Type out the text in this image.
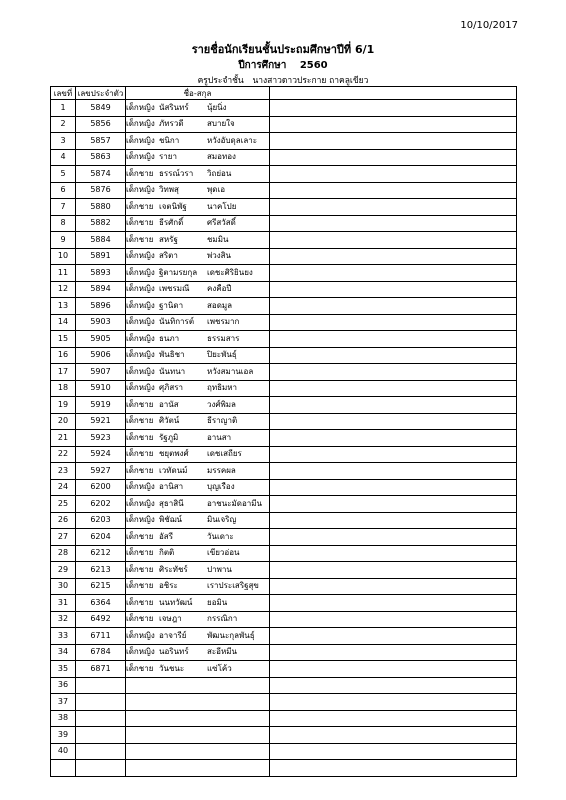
10/10/2017
รายชื่อนักเรียนชั้นประถมศึกษาปีที่ 6/1
ปีการศึกษา 2560
ครูประจำชั้น นางสาวดาวประกาย ถาคลูเขียว
เลขที่	เลขประจำตัว	ชื่อ-สกุล	
1	5849	เด็กหญิง นัสรินทร์ นุ้ยนิ่ง	
2	5856	เด็กหญิง ภัทรวดี สบายใจ	
3	5857	เด็กหญิง ชนิกา หวังอับดุลเลาะ	
4	5863	เด็กหญิง รายา สมอทอง	
5	5874	เด็กชาย ธรรณ์วรา วิถย่อน	
6	5876	เด็กหญิง วิทพสุ พุดเอ	
7	5880	เด็กชาย เจตนิพัฐ นาคโปย	
8	5882	เด็กชาย ธีรศักดิ์ ศรีสวัสดิ์	
9	5884	เด็กชาย สหรัฐ ชมมิน	
10	5891	เด็กหญิง สริตา พ่วงสิน	
11	5893	เด็กหญิง ฐิตามรยกุล เดชะศิริยินยง	
12	5894	เด็กหญิง เพชรมณี คงคือปี	
13	5896	เด็กหญิง ฐานิดา สอดมูล	
14	5903	เด็กหญิง นันทิการต์ เพชรมาก	
15	5905	เด็กหญิง ธนภา ธรรมสาร	
16	5906	เด็กหญิง พันธิชา ปิยะพันธุ์	
17	5907	เด็กหญิง นันทนา หวังสมานเอล	
18	5910	เด็กหญิง ศุภิสรา ฤทธิมหา	
19	5919	เด็กชาย อานัส วงศ์พิมล	
20	5921	เด็กชาย ศิวัตน์ ธีราญาติ	
21	5923	เด็กชาย รัฐภูมิ อานสา	
22	5924	เด็กชาย ชยุตพงศ์ เดชเสถียร	
23	5927	เด็กชาย เวทัดนม์ มรรคผล	
24	6200	เด็กหญิง อานิสา บุญเรือง	
25	6202	เด็กหญิง สุธาสินี อาชนะมัดอามีน	
26	6203	เด็กหญิง พิชัฌน์ มินเจริญ	
27	6204	เด็กชาย อัสรี วันเดาะ	
28	6212	เด็กชาย กิตติ เขียวอ่อน	
29	6213	เด็กชาย ศิระทัชร์ ปาพาน	
30	6215	เด็กชาย อชิระ เราประเสริฐสุข	
31	6364	เด็กชาย นนทวัฒน์ ยอมิน	
32	6492	เด็กชาย เจษฎา กรรณิกา	
33	6711	เด็กหญิง อาจารีย์ พัฒนะกุลพันธุ์	
34	6784	เด็กหญิง นอรินทร์ สะอีหมีน	
35	6871	เด็กชาย วันชนะ แซ่โค้ว	
36			
37			
38			
39			
40			
